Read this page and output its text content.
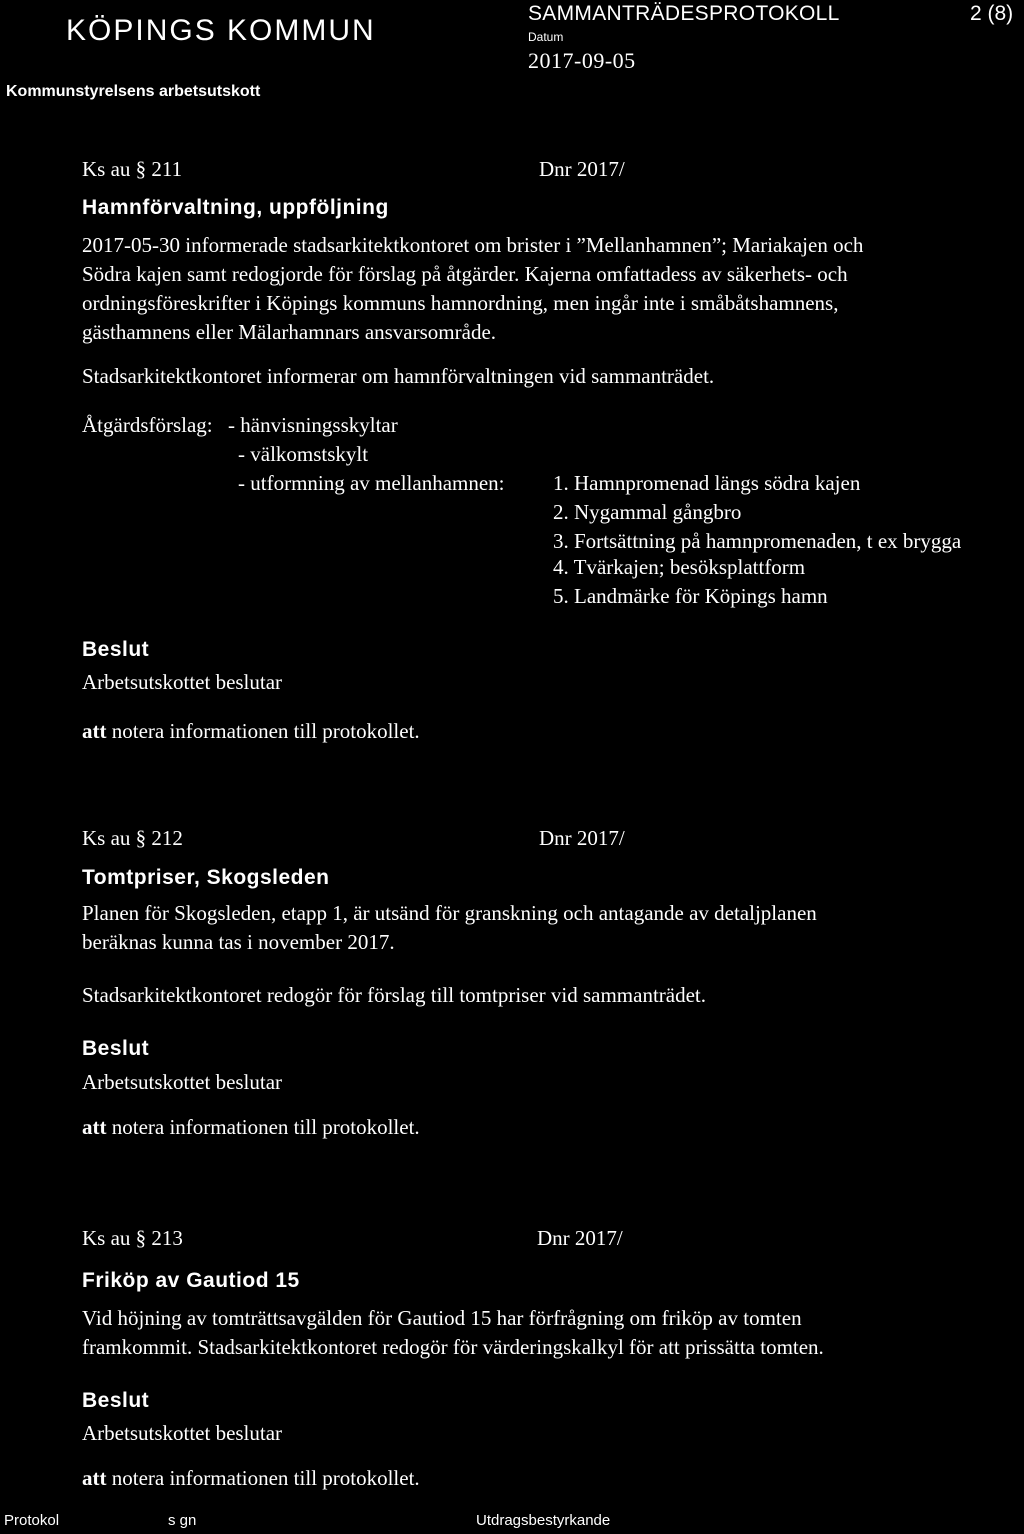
KÖPINGS KOMMUN
Kommunstyrelsens arbetsutskott
SAMMANTRÄDESPROTOKOLL	2 (8)
Datum
2017-09-05
Ks au § 211	Dnr 2017/
Hamnförvaltning, uppföljning
2017-05-30 informerade stadsarkitektkontoret om brister i ”Mellanhamnen”; Mariakajen och
Södra kajen samt redogjorde för förslag på åtgärder. Kajerna omfattadess av säkerhets- och
ordningsföreskrifter i Köpings kommuns hamnordning, men ingår inte i småbåtshamnens,
gästhamnens eller Mälarhamnars ansvarsområde.
Stadsarkitektkontoret informerar om hamnförvaltningen vid sammanträdet.
Åtgärdsförslag: - hänvisningsskyltar
- välkomstskylt
- utformning av mellanhamnen: 1. Hamnpromenad längs södra kajen
2. Nygammal gångbro
3. Fortsättning på hamnpromenaden, t ex brygga
4. Tvärkajen; besöksplattform
5. Landmärke för Köpings hamn
Beslut
Arbetsutskottet beslutar
att notera informationen till protokollet.
Ks au § 212	Dnr 2017/
Tomtpriser, Skogsleden
Planen för Skogsleden, etapp 1, är utsänd för granskning och antagande av detaljplanen
beräknas kunna tas i november 2017.
Stadsarkitektkontoret redogör för förslag till tomtpriser vid sammanträdet.
Beslut
Arbetsutskottet beslutar
att notera informationen till protokollet.
Ks au § 213	Dnr 2017/
Friköp av Gautiod 15
Vid höjning av tomträttsavgälden för Gautiod 15 har förfrågning om friköp av tomten
framkommit. Stadsarkitektkontoret redogör för värderingskalkyl för att prissätta tomten.
Beslut
Arbetsutskottet beslutar
att notera informationen till protokollet.
Protokol	s gn	Utdragsbestyrkande
